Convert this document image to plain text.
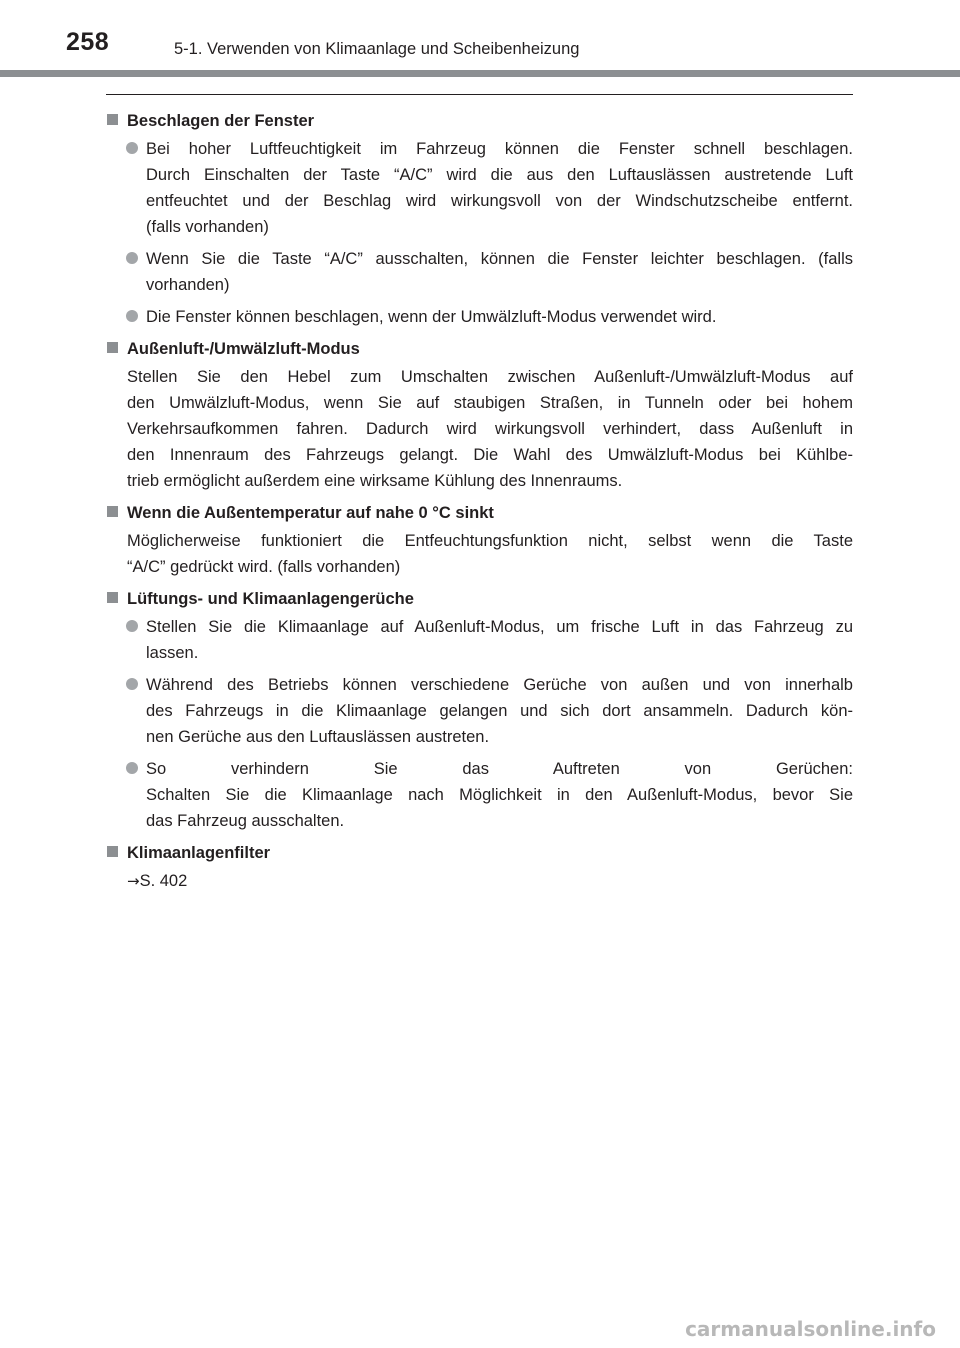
258	5-1. Verwenden von Klimaanlage und Scheibenheizung
Beschlagen der Fenster
Bei hoher Luftfeuchtigkeit im Fahrzeug können die Fenster schnell beschlagen.
Durch Einschalten der Taste “A/C” wird die aus den Luftauslässen austretende Luft
entfeuchtet und der Beschlag wird wirkungsvoll von der Windschutzscheibe entfernt.
(falls vorhanden)
Wenn Sie die Taste “A/C” ausschalten, können die Fenster leichter beschlagen. (falls
vorhanden)
Die Fenster können beschlagen, wenn der Umwälzluft-Modus verwendet wird.
Außenluft-/Umwälzluft-Modus
Stellen Sie den Hebel zum Umschalten zwischen Außenluft-/Umwälzluft-Modus auf
den Umwälzluft-Modus, wenn Sie auf staubigen Straßen, in Tunneln oder bei hohem
Verkehrsaufkommen fahren. Dadurch wird wirkungsvoll verhindert, dass Außenluft in
den Innenraum des Fahrzeugs gelangt. Die Wahl des Umwälzluft-Modus bei Kühlbe-
trieb ermöglicht außerdem eine wirksame Kühlung des Innenraums.
Wenn die Außentemperatur auf nahe 0 °C sinkt
Möglicherweise funktioniert die Entfeuchtungsfunktion nicht, selbst wenn die Taste
“A/C” gedrückt wird. (falls vorhanden)
Lüftungs- und Klimaanlagengerüche
Stellen Sie die Klimaanlage auf Außenluft-Modus, um frische Luft in das Fahrzeug zu
lassen.
Während des Betriebs können verschiedene Gerüche von außen und von innerhalb
des Fahrzeugs in die Klimaanlage gelangen und sich dort ansammeln. Dadurch kön-
nen Gerüche aus den Luftauslässen austreten.
So verhindern Sie das Auftreten von Gerüchen:
Schalten Sie die Klimaanlage nach Möglichkeit in den Außenluft-Modus, bevor Sie
das Fahrzeug ausschalten.
Klimaanlagenfilter
→S. 402
carmanualsonline.info
